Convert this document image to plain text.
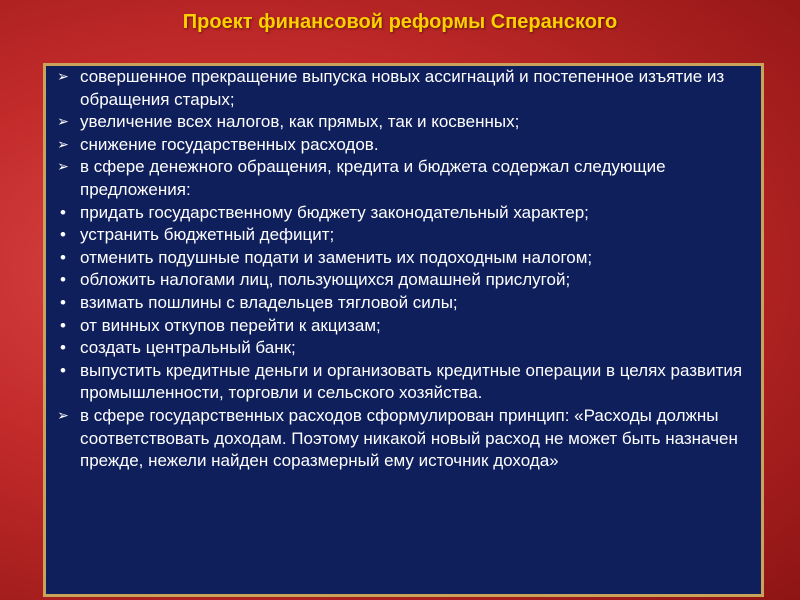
Проект финансовой реформы Сперанского
➢ совершенное прекращение выпуска новых ассигнаций и постепенное изъятие из обращения старых;
➢ увеличение всех налогов, как прямых, так и косвенных;
➢ снижение государственных расходов.
➢ в сфере денежного обращения, кредита и бюджета содержал следующие предложения:
• придать государственному бюджету законодательный характер;
• устранить бюджетный дефицит;
• отменить подушные подати и заменить их подоходным налогом;
• обложить налогами лиц, пользующихся домашней прислугой;
• взимать пошлины с владельцев тягловой силы;
• от винных откупов перейти к акцизам;
• создать центральный банк;
• выпустить кредитные деньги и организовать кредитные операции в целях развития промышленности, торговли и сельского хозяйства.
➢ в сфере государственных расходов сформулирован принцип: «Расходы должны соответствовать доходам. Поэтому никакой новый расход не может быть назначен прежде, нежели найден соразмерный ему источник дохода»
